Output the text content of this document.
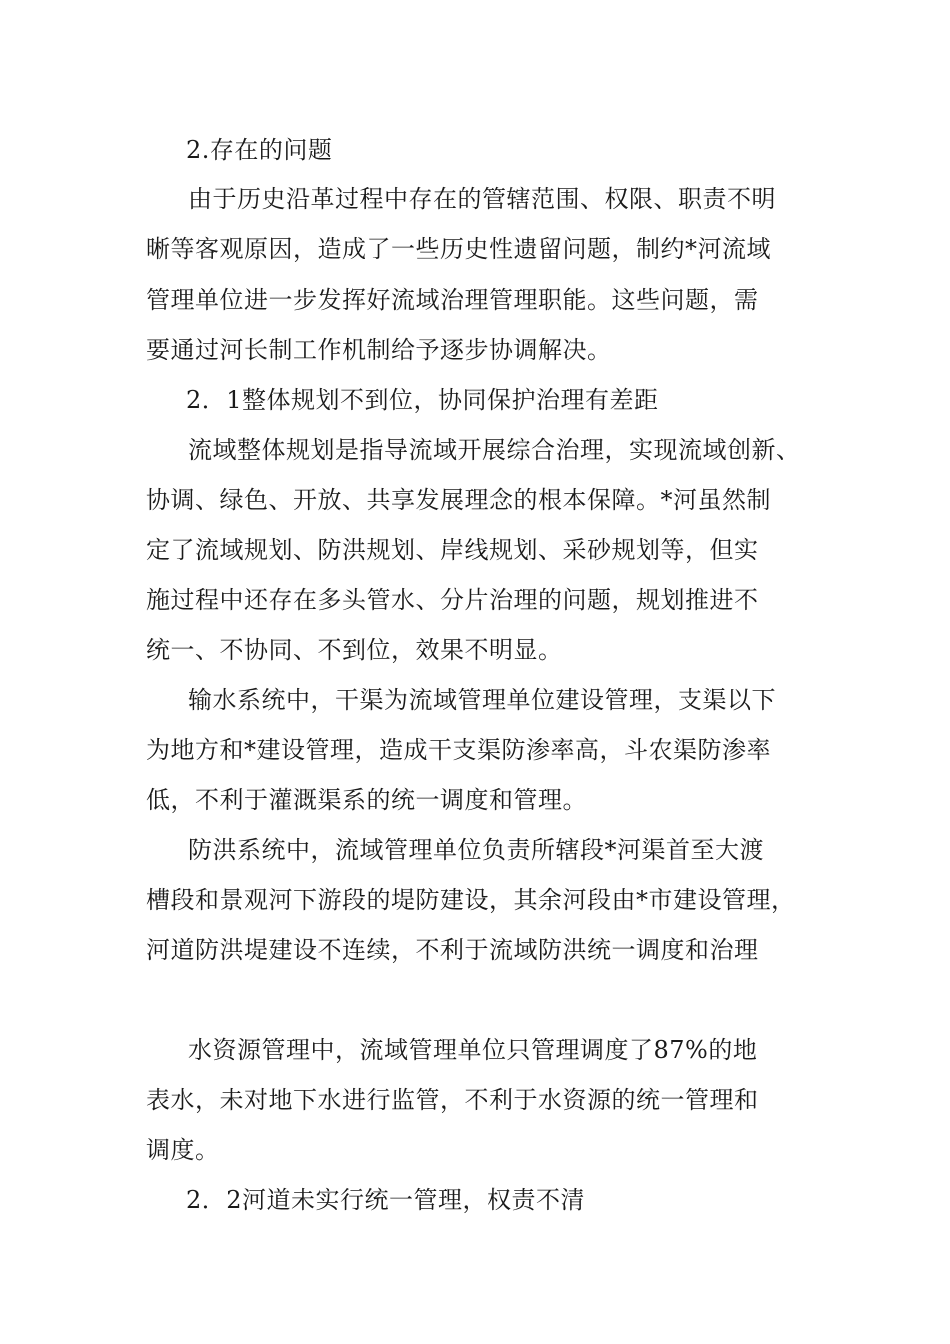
2.存在的问题
由于历史沿革过程中存在的管辖范围、权限、职责不明
晰等客观原因，造成了一些历史性遗留问题，制约*河流域
管理单位进一步发挥好流域治理管理职能。这些问题，需
要通过河长制工作机制给予逐步协调解决。
2．1整体规划不到位，协同保护治理有差距
流域整体规划是指导流域开展综合治理，实现流域创新、
协调、绿色、开放、共享发展理念的根本保障。*河虽然制
定了流域规划、防洪规划、岸线规划、采砂规划等，但实
施过程中还存在多头管水、分片治理的问题，规划推进不
统一、不协同、不到位，效果不明显。
输水系统中，干渠为流域管理单位建设管理，支渠以下
为地方和*建设管理，造成干支渠防渗率高，斗农渠防渗率
低，不利于灌溉渠系的统一调度和管理。
防洪系统中，流域管理单位负责所辖段*河渠首至大渡
槽段和景观河下游段的堤防建设，其余河段由*市建设管理，
河道防洪堤建设不连续，不利于流域防洪统一调度和治理
水资源管理中，流域管理单位只管理调度了87%的地
表水，未对地下水进行监管，不利于水资源的统一管理和
调度。
2．2河道未实行统一管理，权责不清
